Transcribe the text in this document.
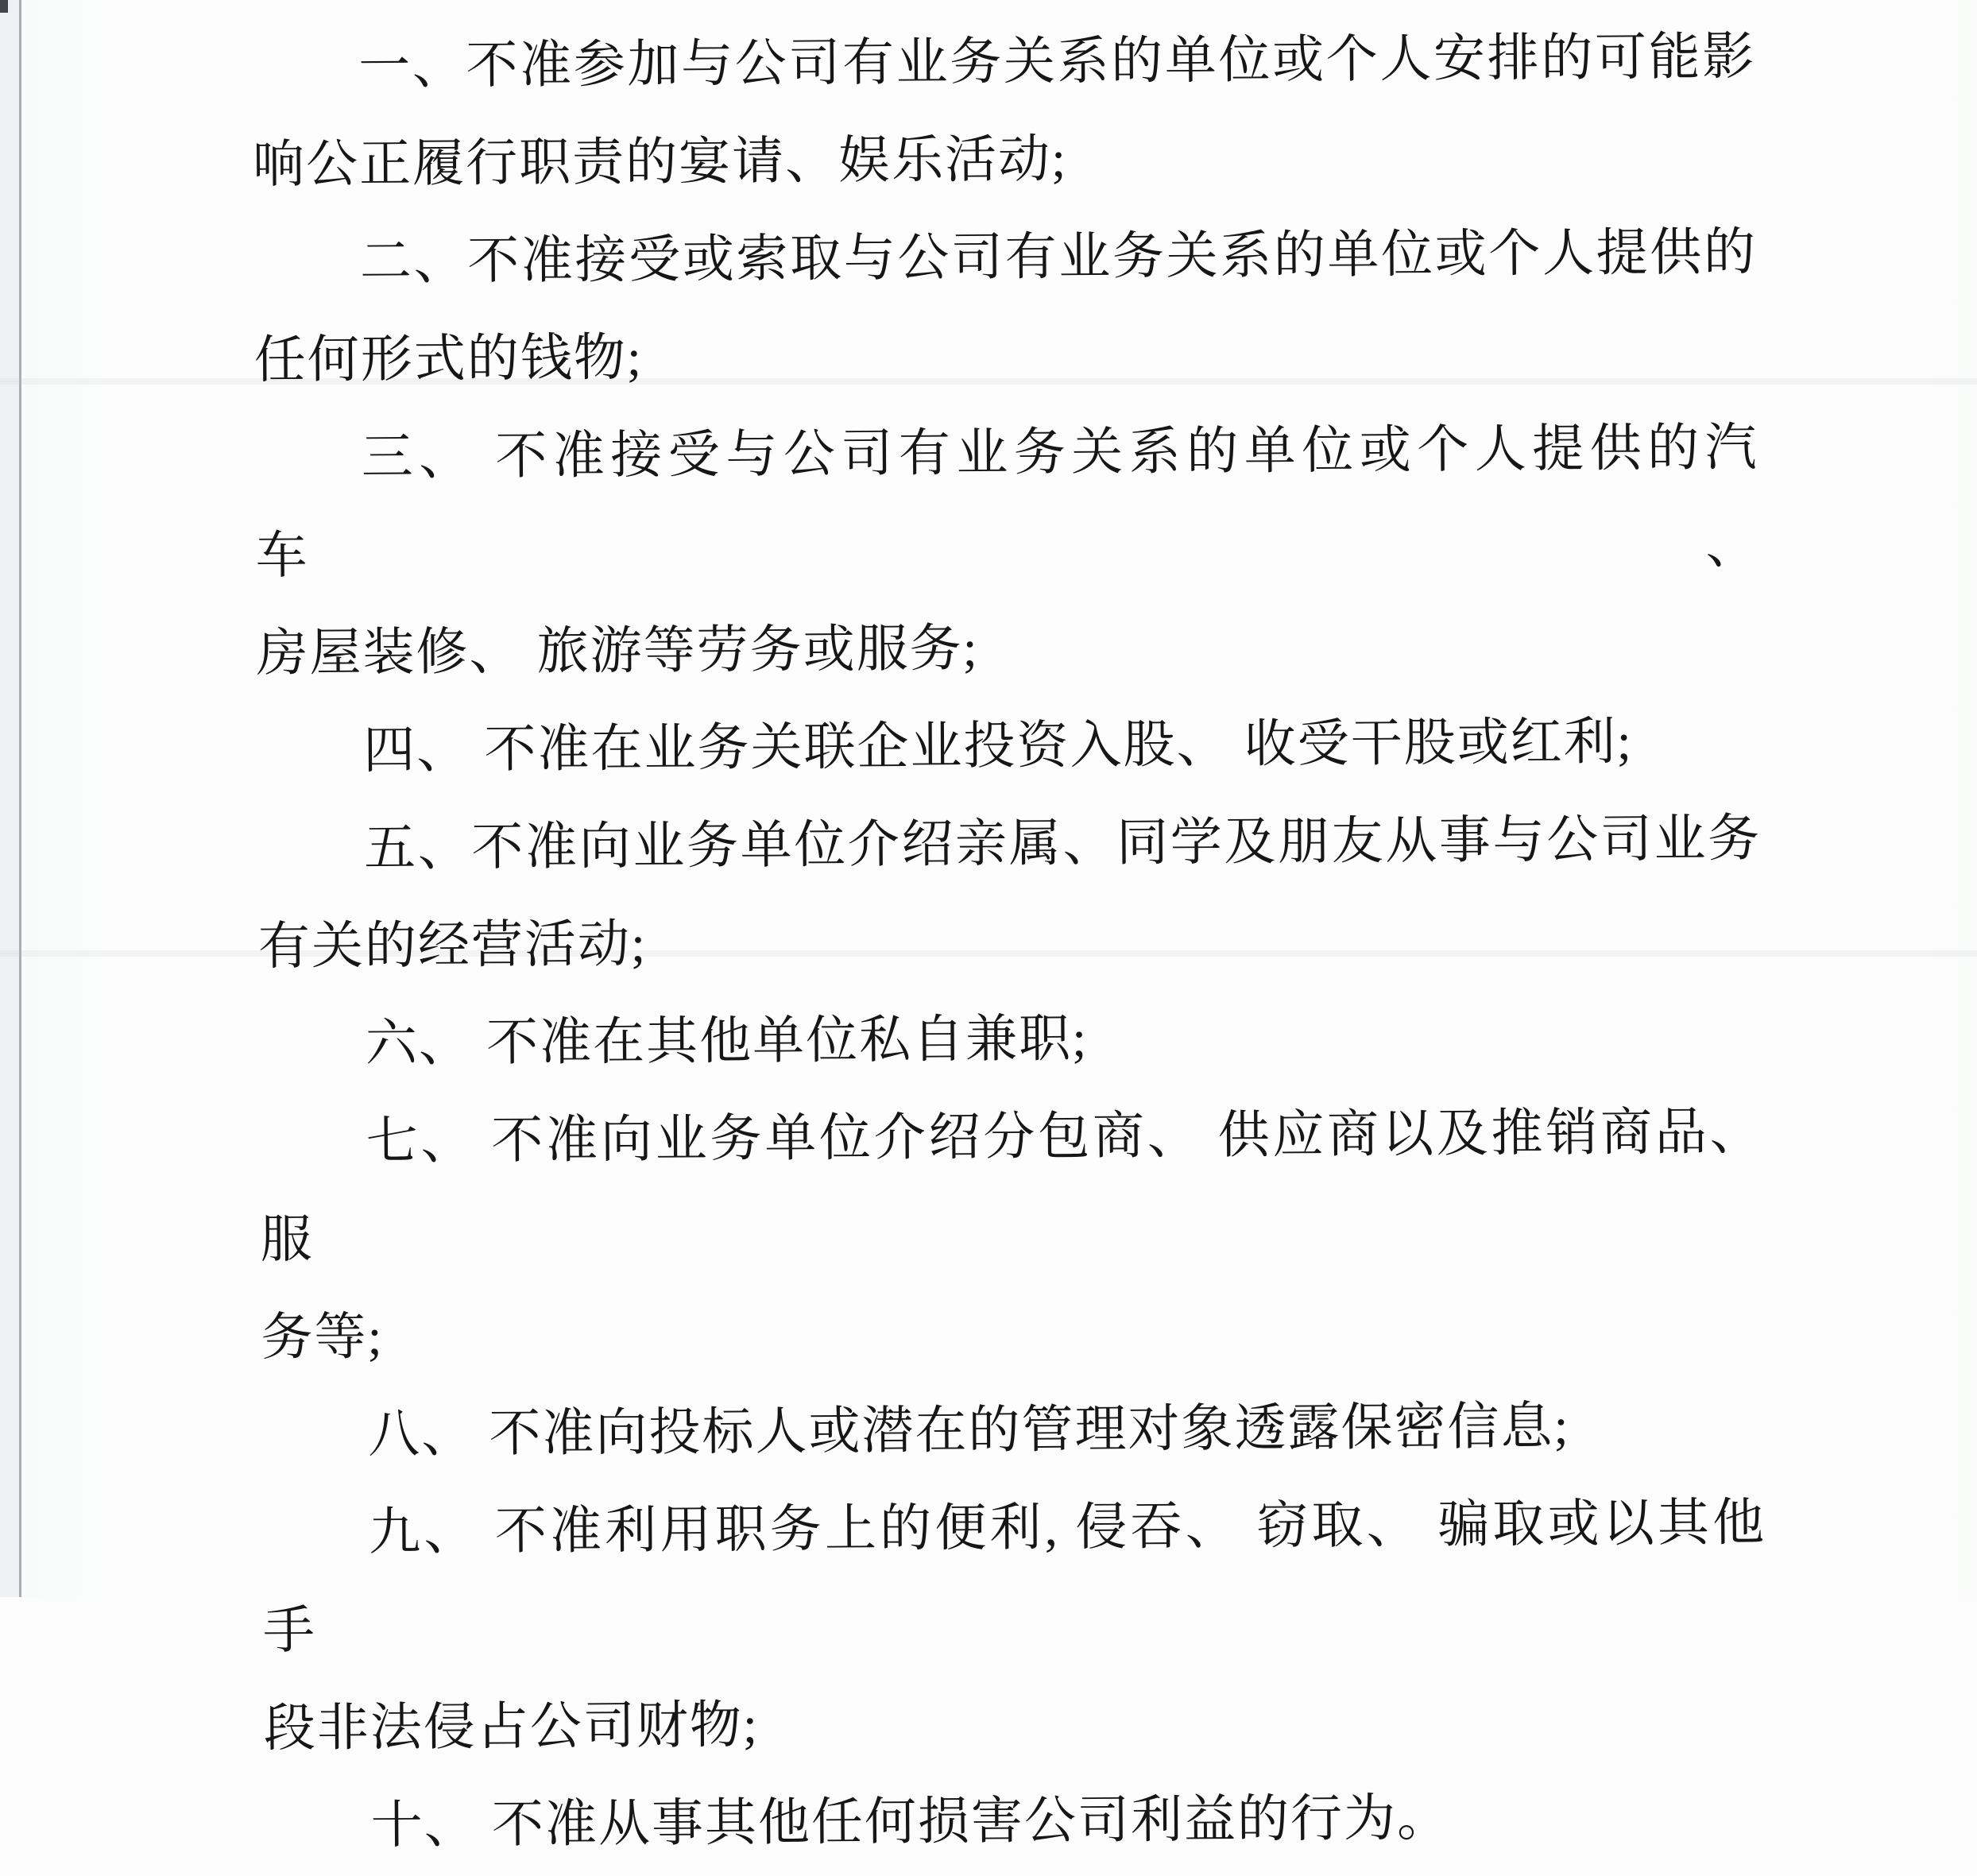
一、不准参加与公司有业务关系的单位或个人安排的可能影
响公正履行职责的宴请、娱乐活动;
二、不准接受或索取与公司有业务关系的单位或个人提供的
任何形式的钱物;
三、 不准接受与公司有业务关系的单位或个人提供的汽车、
房屋装修、 旅游等劳务或服务;
四、 不准在业务关联企业投资入股、 收受干股或红利;
五、不准向业务单位介绍亲属、同学及朋友从事与公司业务
有关的经营活动;
六、 不准在其他单位私自兼职;
七、 不准向业务单位介绍分包商、 供应商以及推销商品、 服
务等;
八、 不准向投标人或潜在的管理对象透露保密信息;
九、 不准利用职务上的便利, 侵吞、 窃取、 骗取或以其他手
段非法侵占公司财物;
十、 不准从事其他任何损害公司利益的行为。
